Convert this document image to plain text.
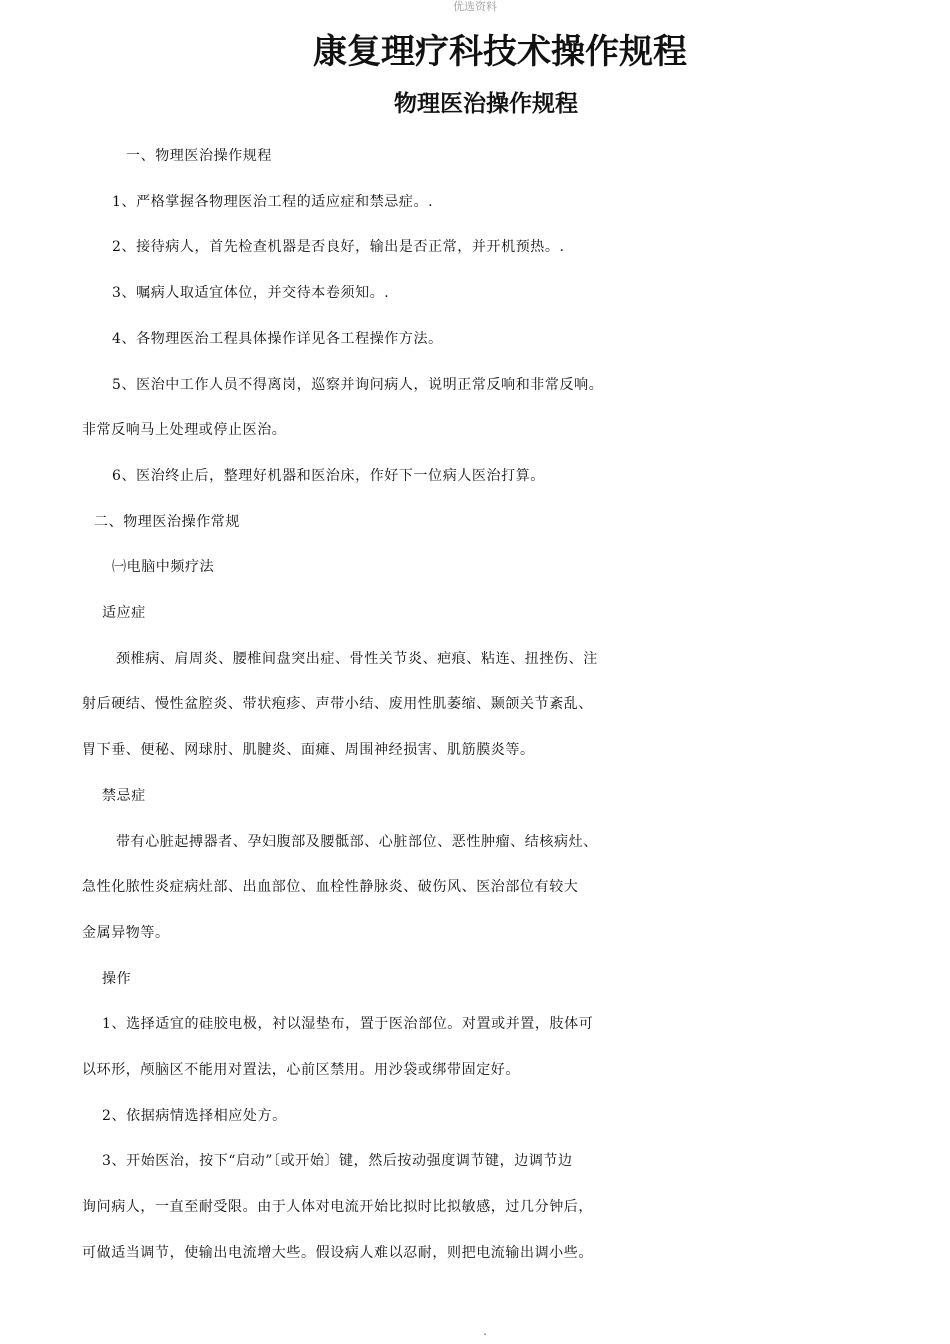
优选资料
康复理疗科技术操作规程
物理医治操作规程

一、物理医治操作规程

1、严格掌握各物理医治工程的适应症和禁忌症。.

2、接待病人，首先检查机器是否良好，输出是否正常，并开机预热。.

3、嘱病人取适宜体位，并交待本卷须知。.

4、各物理医治工程具体操作详见各工程操作方法。

5、医治中工作人员不得离岗，巡察并询问病人，说明正常反响和非常反响。

非常反响马上处理或停止医治。

6、医治终止后，整理好机器和医治床，作好下一位病人医治打算。

二、物理医治操作常规

㈠电脑中频疗法

适应症

颈椎病、肩周炎、腰椎间盘突出症、骨性关节炎、疤痕、粘连、扭挫伤、注

射后硬结、慢性盆腔炎、带状疱疹、声带小结、废用性肌萎缩、颞颌关节紊乱、

胃下垂、便秘、网球肘、肌腱炎、面瘫、周围神经损害、肌筋膜炎等。

禁忌症

带有心脏起搏器者、孕妇腹部及腰骶部、心脏部位、恶性肿瘤、结核病灶、

急性化脓性炎症病灶部、出血部位、血栓性静脉炎、破伤风、医治部位有较大

金属异物等。

操作

1、选择适宜的硅胶电极，衬以湿垫布，置于医治部位。对置或并置，肢体可

以环形，颅脑区不能用对置法，心前区禁用。用沙袋或绑带固定好。

2、依据病情选择相应处方。

3、开始医治，按下“启动”〔或开始〕键，然后按动强度调节键，边调节边

询问病人，一直至耐受限。由于人体对电流开始比拟时比拟敏感，过几分钟后，

可做适当调节，使输出电流增大些。假设病人难以忍耐，则把电流输出调小些。

.
